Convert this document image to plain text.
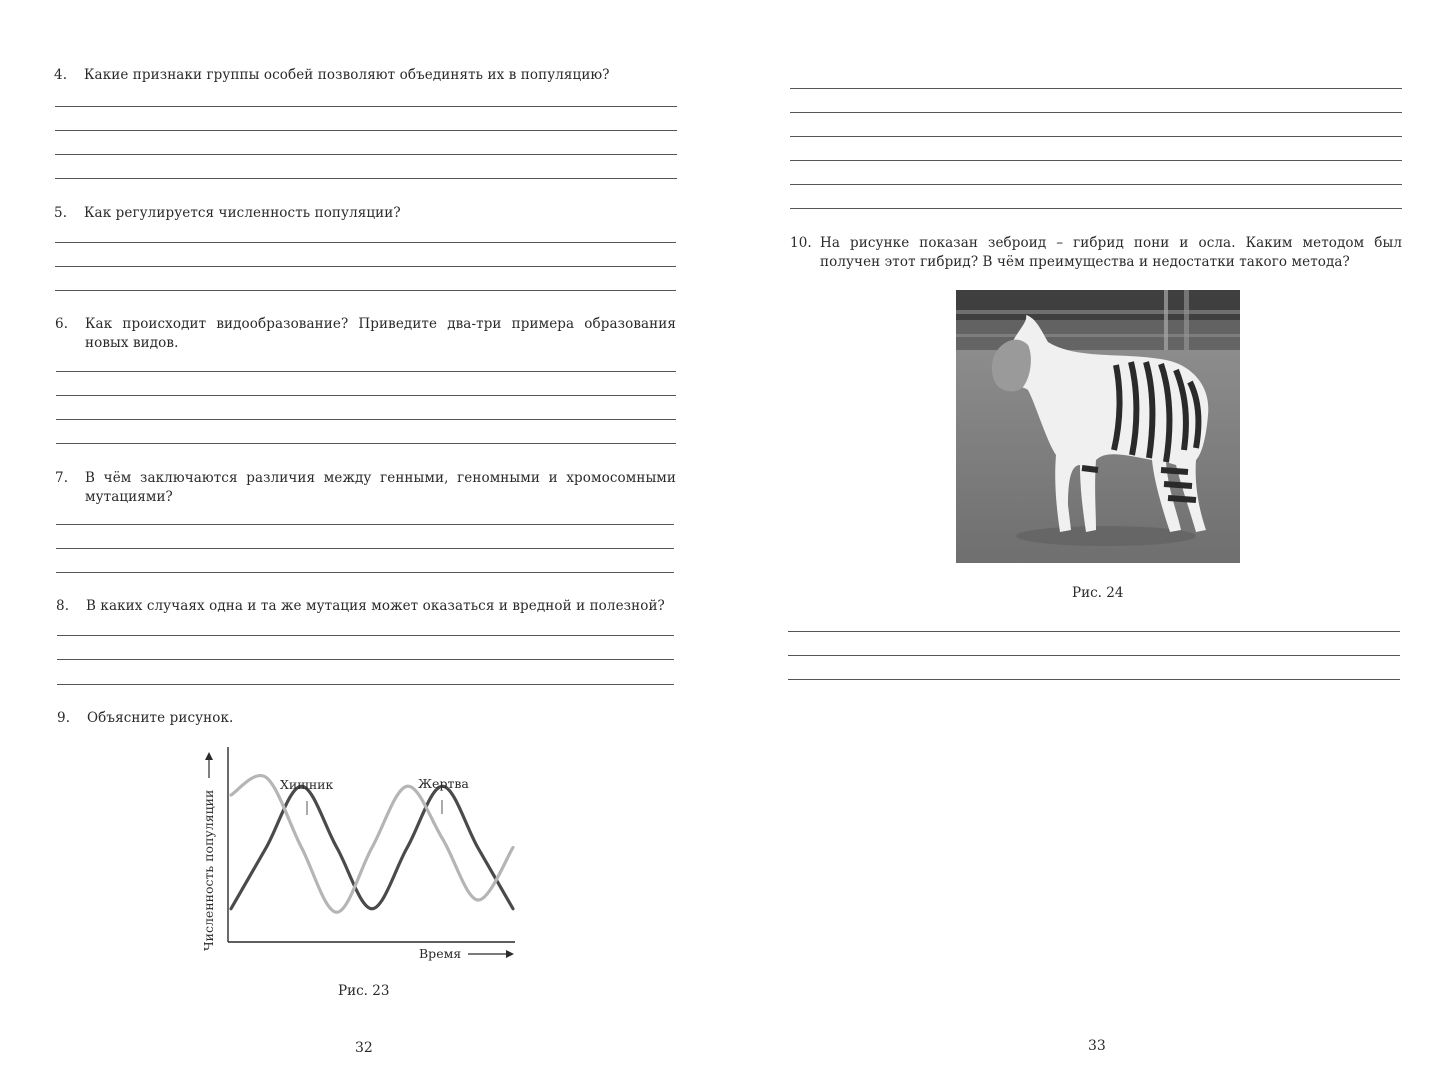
4. Какие признаки группы особей позволяют объединять их в популяцию?
5. Как регулируется численность популяции?
6. Как происходит видообразование? Приведите два-три примера образования новых видов.
7. В чём заключаются различия между генными, геномными и хромосомными мутациями?
8. В каких случаях одна и та же мутация может оказаться и вредной и полезной?
9. Объясните рисунок.
Численность популяции
Время
Хищник	Жертва
Рис. 23
32
10. На рисунке показан зеброид – гибрид пони и осла. Каким методом был получен этот гибрид? В чём преимущества и недостатки такого метода?
Рис. 24
33
